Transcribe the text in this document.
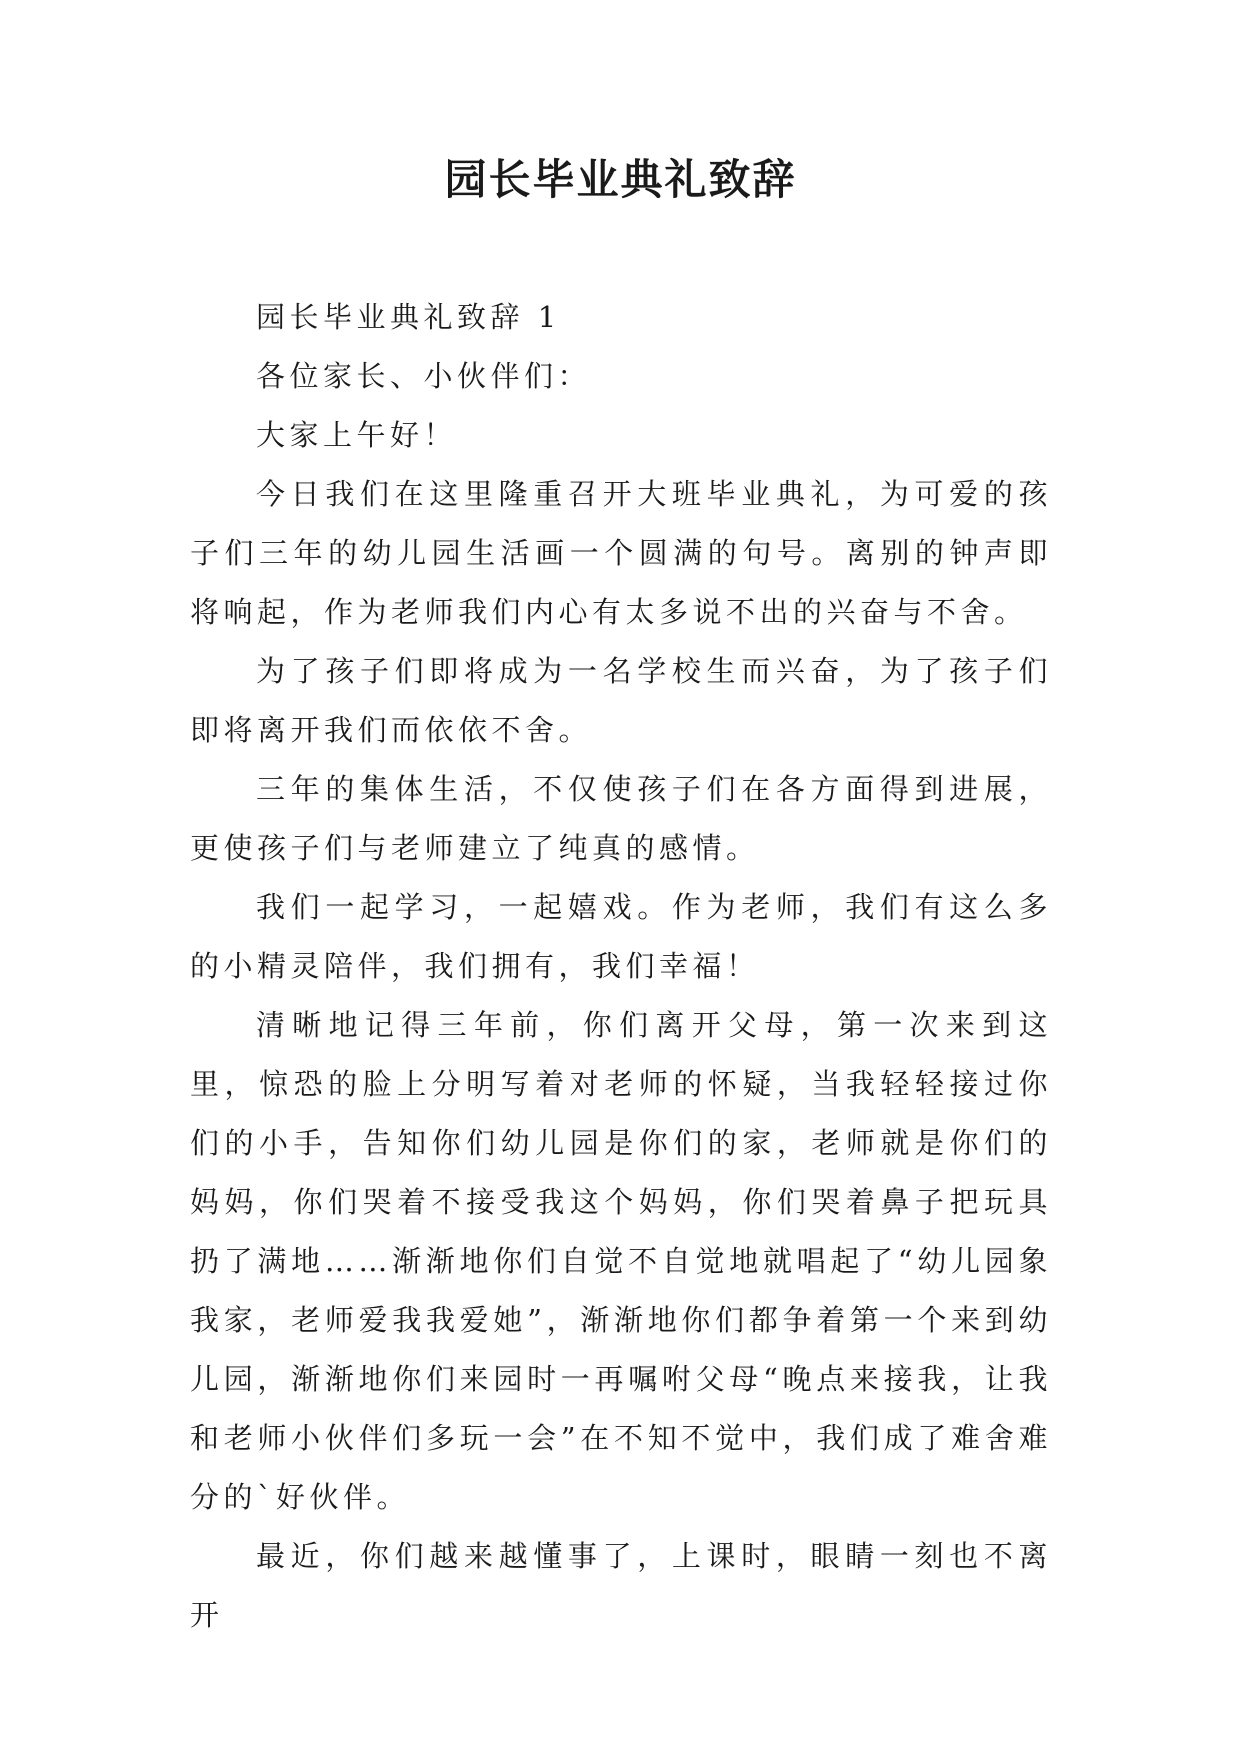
园长毕业典礼致辞

园长毕业典礼致辞 1

各位家长、小伙伴们：

大家上午好！

今日我们在这里隆重召开大班毕业典礼，为可爱的孩子们三年的幼儿园生活画一个圆满的句号。离别的钟声即将响起，作为老师我们内心有太多说不出的兴奋与不舍。

为了孩子们即将成为一名学校生而兴奋，为了孩子们即将离开我们而依依不舍。

三年的集体生活，不仅使孩子们在各方面得到进展，更使孩子们与老师建立了纯真的感情。

我们一起学习，一起嬉戏。作为老师，我们有这么多的小精灵陪伴，我们拥有，我们幸福！

清晰地记得三年前，你们离开父母，第一次来到这里，惊恐的脸上分明写着对老师的怀疑，当我轻轻接过你们的小手，告知你们幼儿园是你们的家，老师就是你们的妈妈，你们哭着不接受我这个妈妈，你们哭着鼻子把玩具扔了满地……渐渐地你们自觉不自觉地就唱起了“幼儿园象我家，老师爱我我爱她”，渐渐地你们都争着第一个来到幼儿园，渐渐地你们来园时一再嘱咐父母“晚点来接我，让我和老师小伙伴们多玩一会”在不知不觉中，我们成了难舍难分的`好伙伴。

最近，你们越来越懂事了，上课时，眼睛一刻也不离开
